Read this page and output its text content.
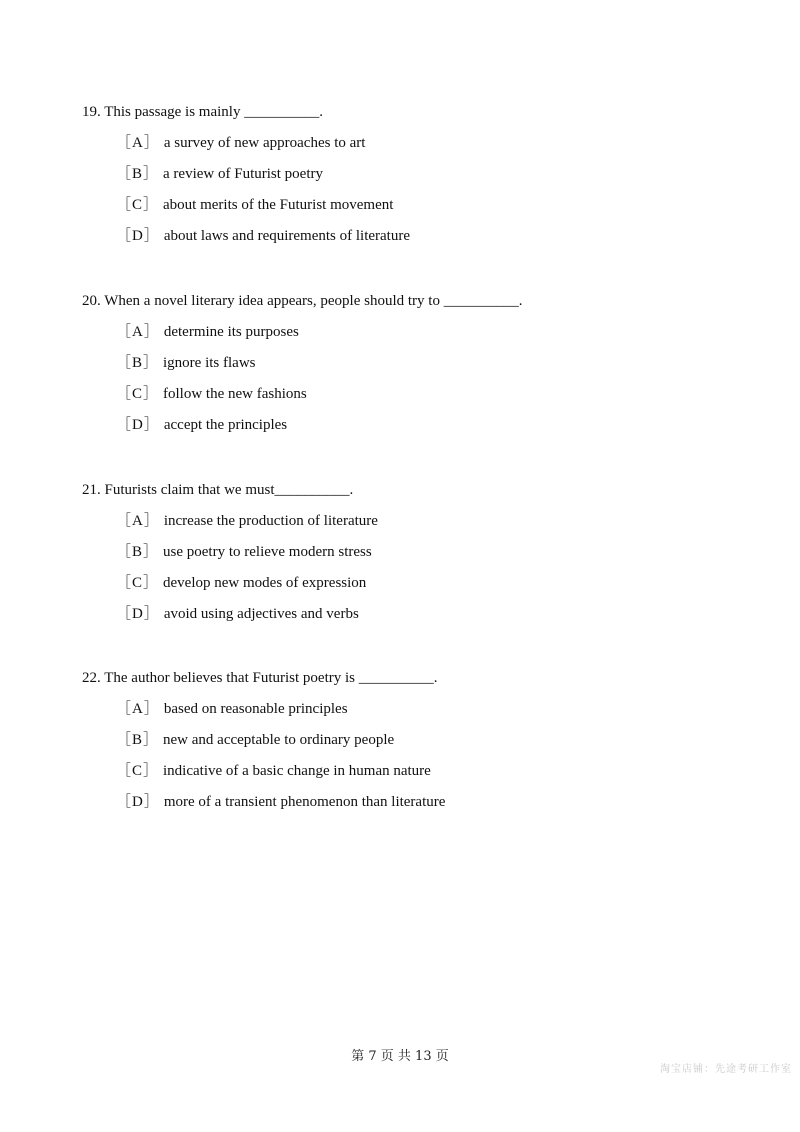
19. This passage is mainly __________.
［A］ a survey of new approaches to art
［B］ a review of Futurist poetry
［C］ about merits of the Futurist movement
［D］ about laws and requirements of literature
20. When a novel literary idea appears, people should try to __________.
［A］ determine its purposes
［B］ ignore its flaws
［C］ follow the new fashions
［D］ accept the principles
21. Futurists claim that we must__________.
［A］ increase the production of literature
［B］ use poetry to relieve modern stress
［C］ develop new modes of expression
［D］ avoid using adjectives and verbs
22. The author believes that Futurist poetry is __________.
［A］ based on reasonable principles
［B］ new and acceptable to ordinary people
［C］ indicative of a basic change in human nature
［D］ more of a transient phenomenon than literature
第 7 页 共 13 页
淘宝店铺：先途考研工作室
